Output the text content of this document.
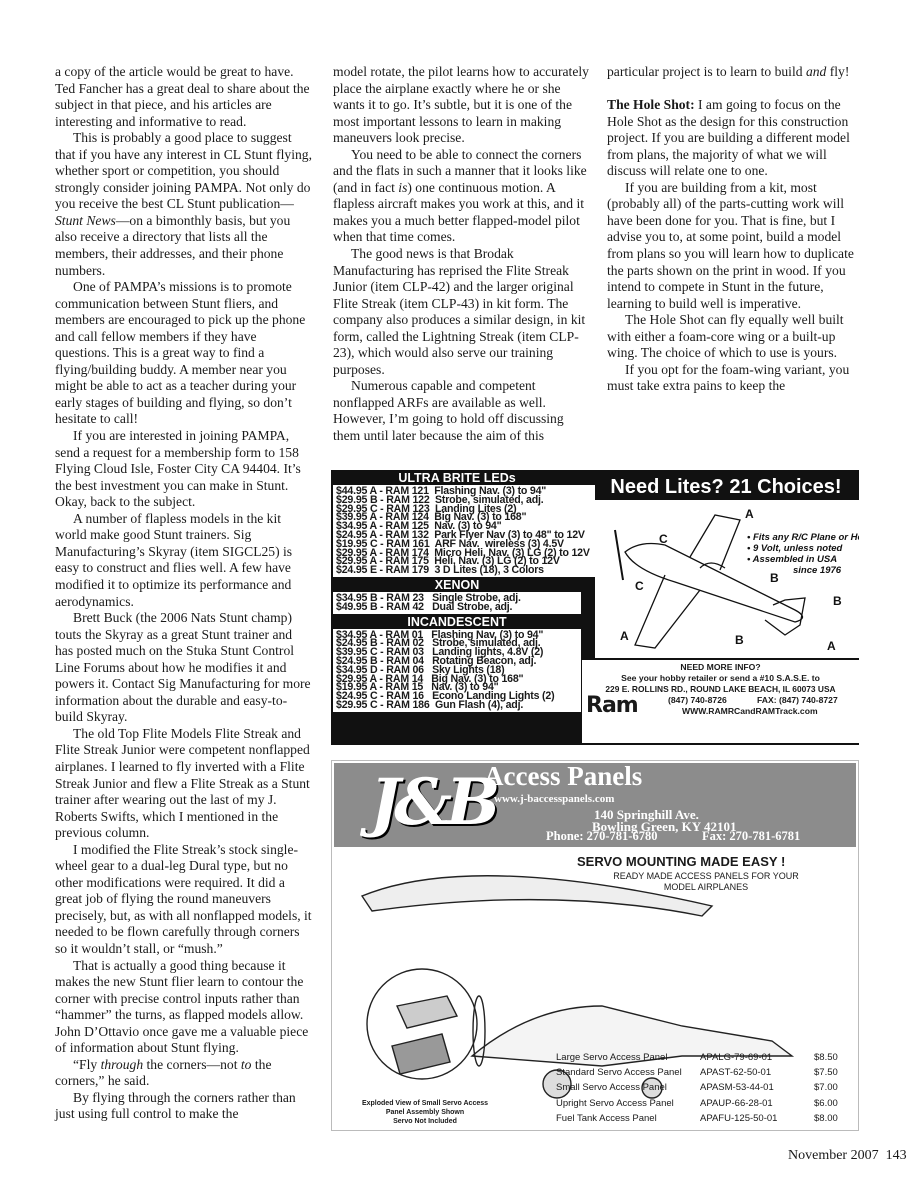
a copy of the article would be great to have. Ted Fancher has a great deal to share about the subject in that piece, and his articles are interesting and informative to read.

This is probably a good place to suggest that if you have any interest in CL Stunt flying, whether sport or competition, you should strongly consider joining PAMPA. Not only do you receive the best CL Stunt publication—Stunt News—on a bimonthly basis, but you also receive a directory that lists all the members, their addresses, and their phone numbers.

One of PAMPA’s missions is to promote communication between Stunt fliers, and members are encouraged to pick up the phone and call fellow members if they have questions. This is a great way to find a flying/building buddy. A member near you might be able to act as a teacher during your early stages of building and flying, so don’t hesitate to call!

If you are interested in joining PAMPA, send a request for a membership form to 158 Flying Cloud Isle, Foster City CA 94404. It’s the best investment you can make in Stunt. Okay, back to the subject.

A number of flapless models in the kit world make good Stunt trainers. Sig Manufacturing’s Skyray (item SIGCL25) is easy to construct and flies well. A few have modified it to optimize its performance and aerodynamics.

Brett Buck (the 2006 Nats Stunt champ) touts the Skyray as a great Stunt trainer and has posted much on the Stuka Stunt Control Line Forums about how he modifies it and powers it. Contact Sig Manufacturing for more information about the durable and easy-to-build Skyray.

The old Top Flite Models Flite Streak and Flite Streak Junior were competent nonflapped airplanes. I learned to fly inverted with a Flite Streak Junior and flew a Flite Streak as a Stunt trainer after wearing out the last of my J. Roberts Swifts, which I mentioned in the previous column.

I modified the Flite Streak’s stock single-wheel gear to a dual-leg Dural type, but no other modifications were required. It did a great job of flying the round maneuvers precisely, but, as with all nonflapped models, it needed to be flown carefully through corners so it wouldn’t stall, or “mush.”

That is actually a good thing because it makes the new Stunt flier learn to contour the corner with precise control inputs rather than “hammer” the turns, as flapped models allow. John D’Ottavio once gave me a valuable piece of information about Stunt flying.

“Fly through the corners—not to the corners,” he said.

By flying through the corners rather than just using full control to make the

model rotate, the pilot learns how to accurately place the airplane exactly where he or she wants it to go. It’s subtle, but it is one of the most important lessons to learn in making maneuvers look precise.

You need to be able to connect the corners and the flats in such a manner that it looks like (and in fact is) one continuous motion. A flapless aircraft makes you work at this, and it makes you a much better flapped-model pilot when that time comes.

The good news is that Brodak Manufacturing has reprised the Flite Streak Junior (item CLP-42) and the larger original Flite Streak (item CLP-43) in kit form. The company also produces a similar design, in kit form, called the Lightning Streak (item CLP-23), which would also serve our training purposes.

Numerous capable and competent nonflapped ARFs are available as well. However, I’m going to hold off discussing them until later because the aim of this

particular project is to learn to build and fly!

The Hole Shot: I am going to focus on the Hole Shot as the design for this construction project. If you are building a different model from plans, the majority of what we will discuss will relate one to one.

If you are building from a kit, most (probably all) of the parts-cutting work will have been done for you. That is fine, but I advise you to, at some point, build a model from plans so you will learn how to duplicate the parts shown on the print in wood. If you intend to compete in Stunt in the future, learning to build well is imperative.

The Hole Shot can fly equally well built with either a foam-core wing or a built-up wing. The choice of which to use is yours.

If you opt for the foam-wing variant, you must take extra pains to keep the

ULTRA BRITE LEDs
$44.95 A - RAM 121  Flashing Nav. (3) to 94"
$29.95 B - RAM 122  Strobe, simulated, adj.
$29.95 C - RAM 123  Landing Lites (2)
$39.95 A - RAM 124  Big Nav. (3) to 168"
$34.95 A - RAM 125  Nav. (3) to 94"
$24.95 A - RAM 132  Park Flyer Nav (3) to 48" to 12V
$19.95 C - RAM 161  ARF Nav.  wireless (3) 4.5V
$29.95 A - RAM 174  Micro Heli, Nav. (3) LG (2) to 12V
$29.95 A - RAM 175  Heli, Nav. (3) LG (2) to 12V
$24.95 E - RAM 179  3 D Lites (18), 3 Colors
XENON
$34.95 B - RAM 23   Single Strobe, adj.
$49.95 B - RAM 42   Dual Strobe, adj.
INCANDESCENT
$34.95 A - RAM 01   Flashing Nav. (3) to 94"
$24.95 B - RAM 02   Strobe, simulated, adj.
$39.95 C - RAM 03   Landing lights, 4.8V (2)
$24.95 B - RAM 04   Rotating Beacon, adj.
$34.95 D - RAM 06   Sky Lights (18)
$29.95 A - RAM 14   Big Nav. (3) to 168"
$19.95 A - RAM 15   Nav. (3) to 94"
$24.95 C - RAM 16   Econo Landing Lights (2)
$29.95 C - RAM 186  Gun Flash (4), adj.
Need Lites? 21 Choices!
A
C
C
A
B
B
B	A
• Fits any R/C Plane or Heli
• 9 Volt, unless noted
• Assembled in USA
since 1976
NEED MORE INFO?
See your hobby retailer or send a #10 S.A.S.E. to
229 E. ROLLINS RD., ROUND LAKE BEACH, IL 60073 USA
Ram	(847) 740-8726	FAX: (847) 740-8727
WWW.RAMRCandRAMTrack.com
J&B
Access Panels
www.j-baccesspanels.com
140 Springhill Ave.
Bowling Green, KY 42101
Phone: 270-781-6780	Fax: 270-781-6781
SERVO MOUNTING MADE EASY !
READY MADE ACCESS PANELS FOR YOUR
MODEL AIRPLANES
Exploded View of Small Servo Access
Panel Assembly Shown
Servo Not Included
Large Servo Access Panel	APALG-79-69-01	$8.50
Standard Servo Access Panel	APAST-62-50-01	$7.50
Small Servo Access Panel	APASM-53-44-01	$7.00
Upright Servo Access Panel	APAUP-66-28-01	$6.00
Fuel Tank Access Panel	APAFU-125-50-01	$8.00
November 2007 143
